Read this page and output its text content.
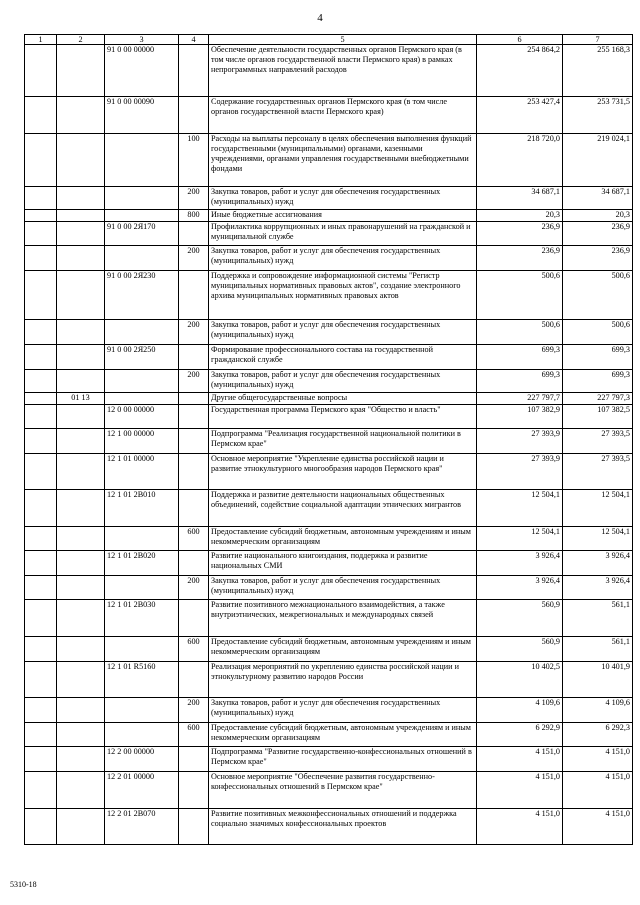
4
1	2	3	4	5	6	7
		91 0 00 00000		Обеспечение деятельности государственных органов Пермского края (в том числе органов государственной власти Пермского края) в рамках непрограммных направлений расходов	254 864,2	255 168,3
		91 0 00 00090		Содержание государственных органов Пермского края (в том числе органов государственной власти Пермского края)	253 427,4	253 731,5
			100	Расходы на выплаты персоналу в целях обеспечения выполнения функций государственными (муниципальными) органами, казенными учреждениями, органами управления государственными внебюджетными фондами	218 720,0	219 024,1
			200	Закупка товаров, работ и услуг для обеспечения государственных (муниципальных) нужд	34 687,1	34 687,1
			800	Иные бюджетные ассигнования	20,3	20,3
		91 0 00 2Я170		Профилактика коррупционных и иных правонарушений на гражданской и муниципальной службе	236,9	236,9
			200	Закупка товаров, работ и услуг для обеспечения государственных (муниципальных) нужд	236,9	236,9
		91 0 00 2Я230		Поддержка и сопровождение информационной системы "Регистр муниципальных нормативных правовых актов", создание электронного архива муниципальных нормативных правовых актов	500,6	500,6
			200	Закупка товаров, работ и услуг для обеспечения государственных (муниципальных) нужд	500,6	500,6
		91 0 00 2Я250		Формирование профессионального состава на государственной гражданской службе	699,3	699,3
			200	Закупка товаров, работ и услуг для обеспечения государственных (муниципальных) нужд	699,3	699,3
	01 13			Другие общегосударственные вопросы	227 797,7	227 797,3
		12 0 00 00000		Государственная программа Пермского края "Общество и власть"	107 382,9	107 382,5
		12 1 00 00000		Подпрограмма "Реализация государственной национальной политики в Пермском крае"	27 393,9	27 393,5
		12 1 01 00000		Основное мероприятие "Укрепление единства российской нации и развитие этнокультурного многообразия народов Пермского края"	27 393,9	27 393,5
		12 1 01 2В010		Поддержка и развитие деятельности национальных общественных объединений, содействие социальной адаптации этнических мигрантов	12 504,1	12 504,1
			600	Предоставление субсидий бюджетным, автономным учреждениям и иным некоммерческим организациям	12 504,1	12 504,1
		12 1 01 2В020		Развитие национального книгоиздания, поддержка и развитие национальных СМИ	3 926,4	3 926,4
			200	Закупка товаров, работ и услуг для обеспечения государственных (муниципальных) нужд	3 926,4	3 926,4
		12 1 01 2В030		Развитие позитивного межнационального взаимодействия, а также внутриэтнических, межрегиональных и международных связей	560,9	561,1
			600	Предоставление субсидий бюджетным, автономным учреждениям и иным некоммерческим организациям	560,9	561,1
		12 1 01 R5160		Реализация мероприятий по укреплению единства российской нации и этнокультурному развитию народов России	10 402,5	10 401,9
			200	Закупка товаров, работ и услуг для обеспечения государственных (муниципальных) нужд	4 109,6	4 109,6
			600	Предоставление субсидий бюджетным, автономным учреждениям и иным некоммерческим организациям	6 292,9	6 292,3
		12 2 00 00000		Подпрограмма "Развитие государственно-конфессиональных отношений в Пермском крае"	4 151,0	4 151,0
		12 2 01 00000		Основное мероприятие "Обеспечение развития государственно-конфессиональных отношений в Пермском крае"	4 151,0	4 151,0
		12 2 01 2В070		Развитие позитивных межконфессиональных отношений и поддержка социально значимых конфессиональных проектов	4 151,0	4 151,0
5310-18
